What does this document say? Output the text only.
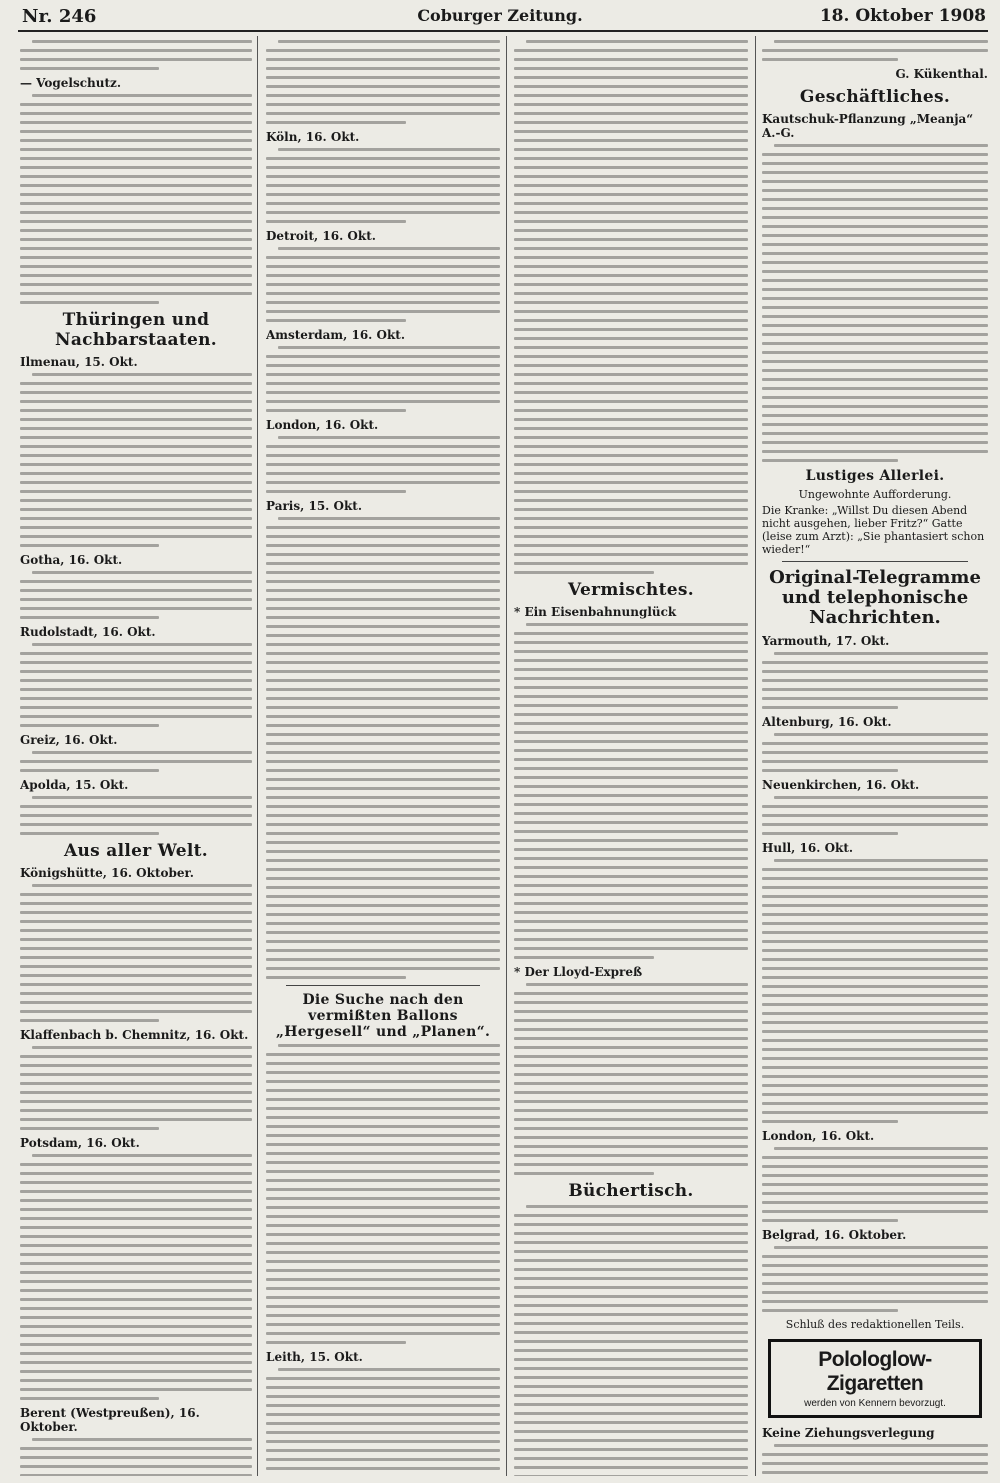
Nr. 246	Coburger Zeitung.	18. Oktober 1908
— Vogelschutz.
Thüringen und Nachbarstaaten.
Ilmenau, 15. Okt.
Gotha, 16. Okt.
Rudolstadt, 16. Okt.
Greiz, 16. Okt.
Apolda, 15. Okt.
Aus aller Welt.
Königshütte, 16. Oktober.
Klaffenbach b. Chemnitz, 16. Okt.
Potsdam, 16. Okt.
Berent (Westpreußen), 16. Oktober.
Köln, 16. Okt.
Detroit, 16. Okt.
Amsterdam, 16. Okt.
London, 16. Okt.
Paris, 15. Okt.
Die Suche nach den vermißten Ballons „Hergesell“ und „Planen“.
Leith, 15. Okt.
Vermischtes.
* Ein Eisenbahnunglück
* Der Lloyd-Expreß
Büchertisch.
G. Kükenthal.
Geschäftliches.
Kautschuk-Pflanzung „Meanja“ A.-G.
Lustiges Allerlei.
Ungewohnte Aufforderung.
Die Kranke: „Willst Du diesen Abend nicht ausgehen, lieber Fritz?“ Gatte (leise zum Arzt): „Sie phantasiert schon wieder!“
Original-Telegramme und telephonische Nachrichten.
Yarmouth, 17. Okt.
Altenburg, 16. Okt.
Neuenkirchen, 16. Okt.
Hull, 16. Okt.
London, 16. Okt.
Belgrad, 16. Oktober.
Schluß des redaktionellen Teils.
Polologlow-Zigaretten
werden von Kennern bevorzugt.
Keine Ziehungsverlegung
